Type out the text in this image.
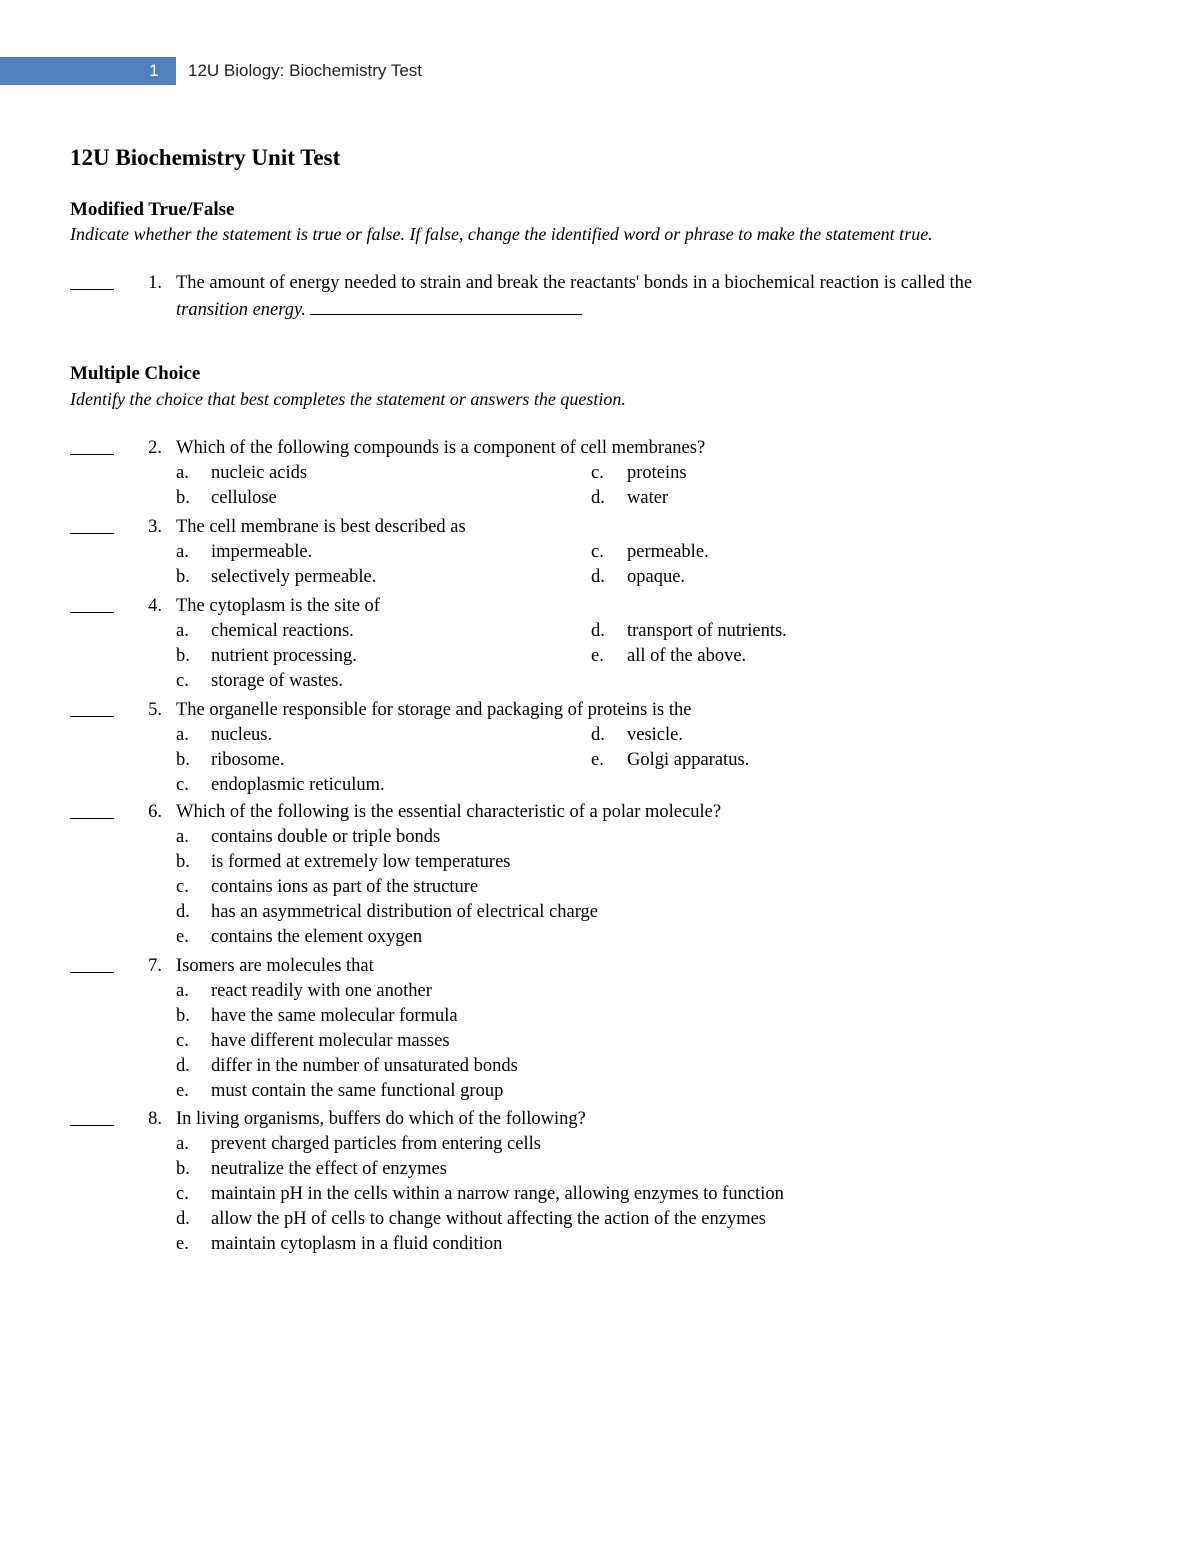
1	12U Biology: Biochemistry Test
12U Biochemistry Unit Test
Modified True/False
Indicate whether the statement is true or false. If false, change the identified word or phrase to make the statement true.
1. The amount of energy needed to strain and break the reactants' bonds in a biochemical reaction is called the
transition energy.
Multiple Choice
Identify the choice that best completes the statement or answers the question.
2. Which of the following compounds is a component of cell membranes?
a.	nucleic acids	c.	proteins
b.	cellulose	d.	water
3. The cell membrane is best described as
a.	impermeable.	c.	permeable.
b.	selectively permeable.	d.	opaque.
4. The cytoplasm is the site of
a.	chemical reactions.	d.	transport of nutrients.
b.	nutrient processing.	e.	all of the above.
c.	storage of wastes.
5. The organelle responsible for storage and packaging of proteins is the
a.	nucleus.	d.	vesicle.
b.	ribosome.	e.	Golgi apparatus.
c.	endoplasmic reticulum.
6. Which of the following is the essential characteristic of a polar molecule?
a.	contains double or triple bonds
b.	is formed at extremely low temperatures
c.	contains ions as part of the structure
d.	has an asymmetrical distribution of electrical charge
e.	contains the element oxygen
7. Isomers are molecules that
a.	react readily with one another
b.	have the same molecular formula
c.	have different molecular masses
d.	differ in the number of unsaturated bonds
e.	must contain the same functional group
8. In living organisms, buffers do which of the following?
a.	prevent charged particles from entering cells
b.	neutralize the effect of enzymes
c.	maintain pH in the cells within a narrow range, allowing enzymes to function
d.	allow the pH of cells to change without affecting the action of the enzymes
e.	maintain cytoplasm in a fluid condition
